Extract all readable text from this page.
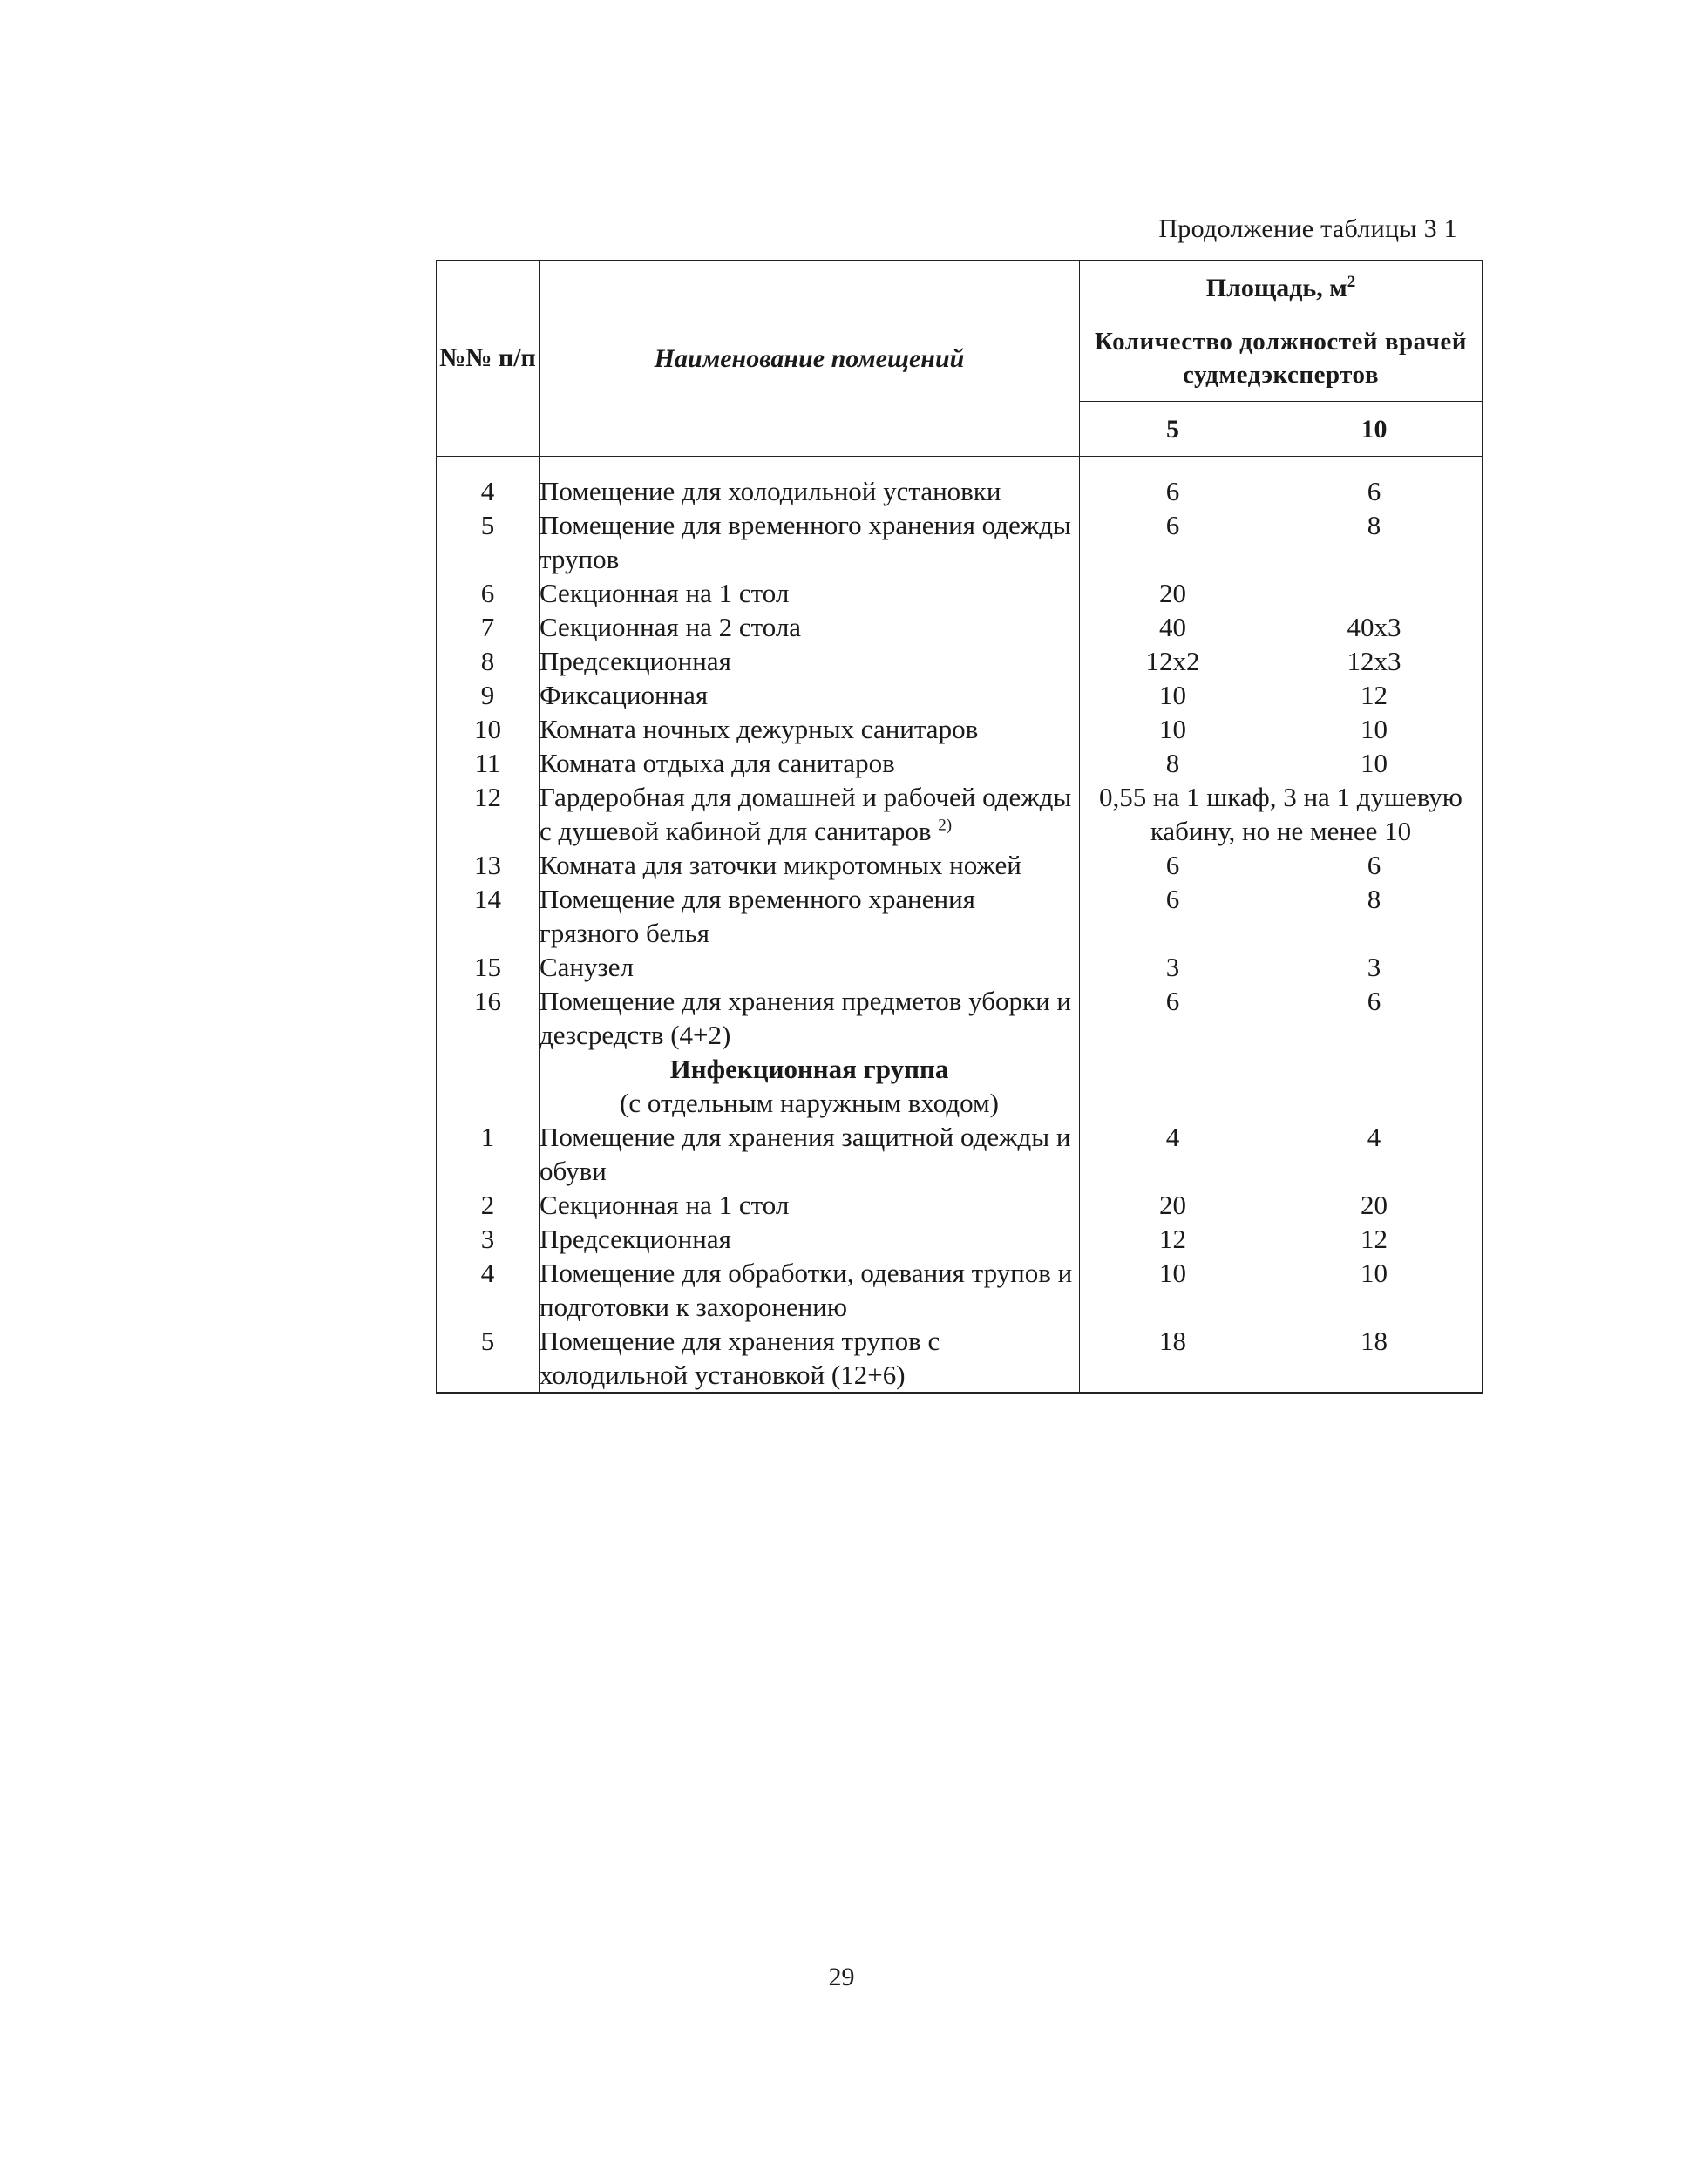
Продолжение таблицы 3 1
№№ п/п	Наименование помещений	Площадь, $м^2$
		Количество должностей врачей судмедэкспертов	
		5	10
4	Помещение для холодильной установки	6	6
5	Помещение для временного хранения одежды трупов	6	8
6	Секционная на 1 стол	20	
7	Секционная на 2 стола	40	40х3
8	Предсекционная	12х2	12х3
9	Фиксационная	10	12
10	Комната ночных дежурных санитаров	10	10
11	Комната отдыха для санитаров	8	10
12	Гардеробная для домашней и рабочей одежды с душевой кабиной для санитаров $^{2)}$	0,55 на 1 шкаф, 3 на 1 душевую кабину, но не менее 10	
13	Комната для заточки микротомных ножей	6	6
14	Помещение для временного хранения грязного белья	6	8
15	Санузел	3	3
16	Помещение для хранения предметов уборки и дезсредств (4+2)	6	6

	Инфекционная группа
(с отдельным наружным входом)		

1	Помещение для хранения защитной одежды и обуви	4	4
2	Секционная на 1 стол	20	20
3	Предсекционная	12	12
4	Помещение для обработки, одевания трупов и подготовки к захоронению	10	10
5	Помещение для хранения трупов с холодильной установкой (12+6)	18	18
29
